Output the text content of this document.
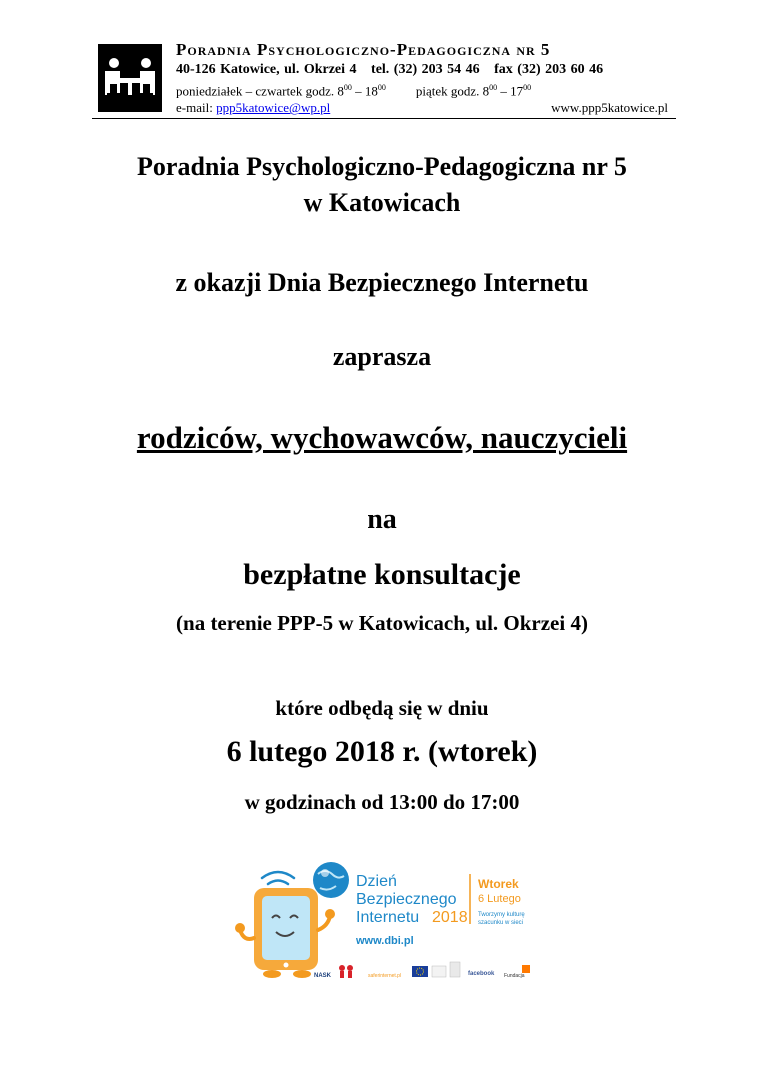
Poradnia Psychologiczno-Pedagogiczna nr 5
40-126 Katowice, ul. Okrzei 4 tel. (32) 203 54 46 fax (32) 203 60 46
poniedziałek – czwartek godz. $8^{00} - 18^{00}$ piątek godz. $8^{00} - 17^{00}$
e-mail: ppp5katowice@wp.pl	www.ppp5katowice.pl
Poradnia Psychologiczno-Pedagogiczna nr 5
w Katowicach
z okazji Dnia Bezpiecznego Internetu
zaprasza
rodziców, wychowawców, nauczycieli
na
bezpłatne konsultacje
(na terenie PPP-5 w Katowicach, ul. Okrzei 4)
które odbędą się w dniu
6 lutego 2018 r. (wtorek)
w godzinach od 13:00 do 17:00
Dzień
Bezpiecznego
Internetu 2018
Wtorek
6 Lutego
Tworzymy kulturę
szacunku w sieci
www.dbi.pl
NASK	saferinternet.pl	facebook Fundacja
